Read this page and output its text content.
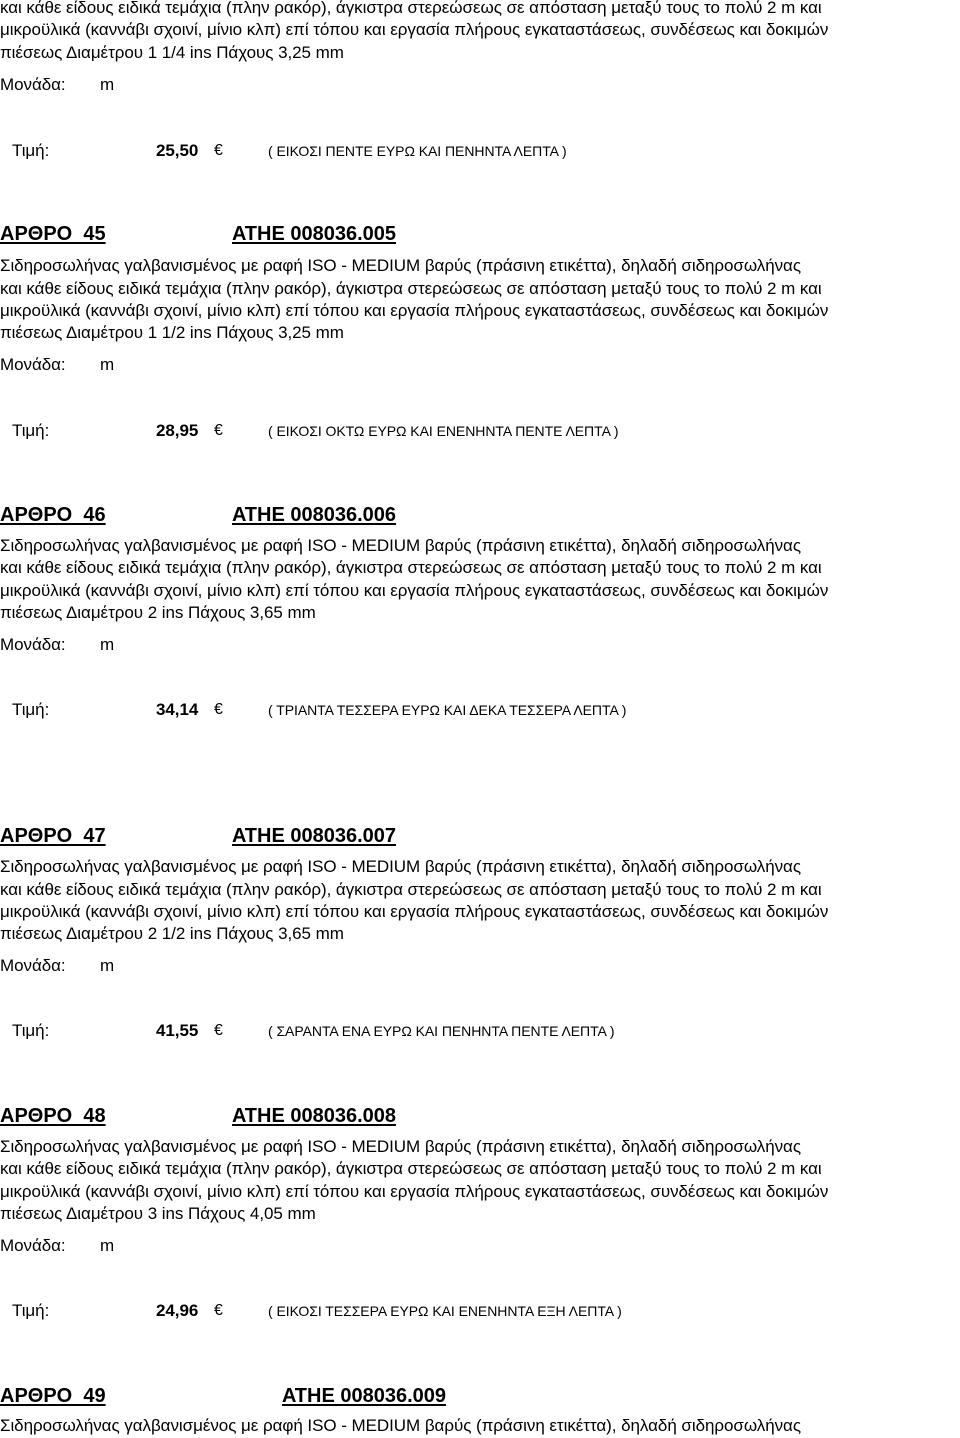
και κάθε είδους ειδικά τεμάχια (πλην ρακόρ), άγκιστρα στερεώσεως σε απόσταση μεταξύ τους το πολύ 2 m και
μικροϋλικά (καννάβι σχοινί, μίνιο κλπ) επί τόπου και εργασία πλήρους εγκαταστάσεως, συνδέσεως και δοκιμών
πιέσεως Διαμέτρου 1 1/4 ins Πάχους 3,25 mm
Μονάδα: m
Τιμή:	25,50 €	( ΕΙΚΟΣΙ ΠΕΝΤΕ ΕΥΡΩ ΚΑΙ ΠΕΝΗΝΤΑ ΛΕΠΤΑ )
ΑΡΘΡΟ  45	ΑΤΗΕ 008036.005
Σιδηροσωλήνας γαλβανισμένος με ραφή ISO - MEDIUM βαρύς (πράσινη ετικέττα), δηλαδή σιδηροσωλήνας
και κάθε είδους ειδικά τεμάχια (πλην ρακόρ), άγκιστρα στερεώσεως σε απόσταση μεταξύ τους το πολύ 2 m και
μικροϋλικά (καννάβι σχοινί, μίνιο κλπ) επί τόπου και εργασία πλήρους εγκαταστάσεως, συνδέσεως και δοκιμών
πιέσεως Διαμέτρου 1 1/2 ins Πάχους 3,25 mm
Μονάδα: m
Τιμή:	28,95 €	( ΕΙΚΟΣΙ ΟΚΤΩ ΕΥΡΩ ΚΑΙ ΕΝΕΝΗΝΤΑ ΠΕΝΤΕ ΛΕΠΤΑ )
ΑΡΘΡΟ  46	ΑΤΗΕ 008036.006
Σιδηροσωλήνας γαλβανισμένος με ραφή ISO - MEDIUM βαρύς (πράσινη ετικέττα), δηλαδή σιδηροσωλήνας
και κάθε είδους ειδικά τεμάχια (πλην ρακόρ), άγκιστρα στερεώσεως σε απόσταση μεταξύ τους το πολύ 2 m και
μικροϋλικά (καννάβι σχοινί, μίνιο κλπ) επί τόπου και εργασία πλήρους εγκαταστάσεως, συνδέσεως και δοκιμών
πιέσεως Διαμέτρου 2 ins Πάχους 3,65 mm
Μονάδα: m
Τιμή:	34,14 €	( ΤΡΙΑΝΤΑ ΤΕΣΣΕΡΑ ΕΥΡΩ ΚΑΙ ΔΕΚΑ ΤΕΣΣΕΡΑ ΛΕΠΤΑ )
ΑΡΘΡΟ  47	ΑΤΗΕ 008036.007
Σιδηροσωλήνας γαλβανισμένος με ραφή ISO - MEDIUM βαρύς (πράσινη ετικέττα), δηλαδή σιδηροσωλήνας
και κάθε είδους ειδικά τεμάχια (πλην ρακόρ), άγκιστρα στερεώσεως σε απόσταση μεταξύ τους το πολύ 2 m και
μικροϋλικά (καννάβι σχοινί, μίνιο κλπ) επί τόπου και εργασία πλήρους εγκαταστάσεως, συνδέσεως και δοκιμών
πιέσεως Διαμέτρου 2 1/2 ins Πάχους 3,65 mm
Μονάδα: m
Τιμή:	41,55 €	( ΣΑΡΑΝΤΑ ΕΝΑ ΕΥΡΩ ΚΑΙ ΠΕΝΗΝΤΑ ΠΕΝΤΕ ΛΕΠΤΑ )
ΑΡΘΡΟ  48	ΑΤΗΕ 008036.008
Σιδηροσωλήνας γαλβανισμένος με ραφή ISO - MEDIUM βαρύς (πράσινη ετικέττα), δηλαδή σιδηροσωλήνας
και κάθε είδους ειδικά τεμάχια (πλην ρακόρ), άγκιστρα στερεώσεως σε απόσταση μεταξύ τους το πολύ 2 m και
μικροϋλικά (καννάβι σχοινί, μίνιο κλπ) επί τόπου και εργασία πλήρους εγκαταστάσεως, συνδέσεως και δοκιμών
πιέσεως Διαμέτρου 3 ins Πάχους 4,05 mm
Μονάδα: m
Τιμή:	24,96 €	( ΕΙΚΟΣΙ ΤΕΣΣΕΡΑ ΕΥΡΩ ΚΑΙ ΕΝΕΝΗΝΤΑ ΕΞΗ ΛΕΠΤΑ )
ΑΡΘΡΟ  49	ΑΤΗΕ 008036.009
Σιδηροσωλήνας γαλβανισμένος με ραφή ISO - MEDIUM βαρύς (πράσινη ετικέττα), δηλαδή σιδηροσωλήνας
